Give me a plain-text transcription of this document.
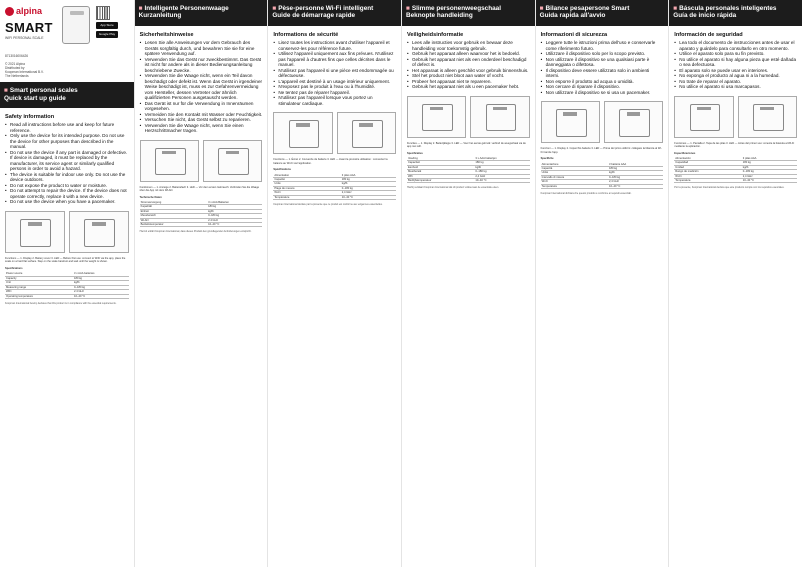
alpina
SMART
WIFI PERSONAL SCALE
App Store
Google Play
8713016006426
© 2021 Alpina
Distributed by
Koopman International B.V.
The Netherlands
■ Smart personal scales
Quick start up guide
Safety information
• Read all instructions before use and keep for future reference.
• Only use the device for its intended purpose. Do not use the device for other purposes than described in the manual.
• Do not use the device if any part is damaged or defective. If device is damaged, it must be replaced by the manufacturer, its service agent or similarly qualified persons in order to avoid a hazard.
• The device is suitable for indoor use only. Do not use the device outdoors.
• Do not expose the product to water or moisture.
• Do not attempt to repair the device. If the device does not operate correctly, replace it with a new device.
• Do not use the device when you have a pacemaker.
Functions — 1. Display 2. Battery cover 3. LED — Before first use: connect to WiFi via the app, place the scale on a hard flat surface. Step on the scale barefoot and wait until the weight is shown.
Specifications
Power source	3 x AAA batteries
Capacity	180 kg
Unit	kg/lb
Measuring range	0–180 kg
WiFi	2.4 GHz
Operating temperature	10–40 °C
Koopman International hereby declares that this product is in compliance with the essential requirements.
■ Intelligente Personenwaage
Kurzanleitung
Sicherheitshinweise
• Lesen Sie alle Anweisungen vor dem Gebrauch des Geräts sorgfältig durch, und bewahren Sie sie für eine spätere Verwendung auf.
• Verwenden Sie das Gerät nur zweckbestimmt. Das Gerät ist nicht für andere als in dieser Bedienungsanleitung beschriebene Zwecke.
• Verwenden Sie die Waage nicht, wenn ein Teil davon beschädigt oder defekt ist. Wenn das Gerät in irgendeiner Weise beschädigt ist, muss es zur Gefahrenvermeidung vom Hersteller, dessen Vertreter oder ähnlich qualifizierten Personen ausgetauscht werden.
• Das Gerät ist nur für die Verwendung in Innenräumen vorgesehen.
• Vermeiden Sie den Kontakt mit Wasser oder Feuchtigkeit.
• Versuchen Sie nicht, das Gerät selbst zu reparieren.
• Verwenden Sie die Waage nicht, wenn Sie einen Herzschrittmacher tragen.
Funktionen — 1. Anzeige 2. Batteriefach 3. LED — Vor dem ersten Gebrauch: Verbinden Sie die Waage über die App mit dem WLAN.
Technische Daten
Stromversorgung	3 x AAA Batterien
Kapazität	180 kg
Einheit	kg/lb
Messbereich	0–180 kg
WLAN	2.4 GHz
Betriebstemperatur	10–40 °C
Hiermit erklärt Koopman International, dass dieses Produkt den grundlegenden Anforderungen entspricht.
■ Pèse-personne Wi-Fi intelligent
Guide de démarrage rapide
Informations de sécurité
• Lisez toutes les instructions avant d'utiliser l'appareil et conservez-les pour référence future.
• Utilisez l'appareil uniquement aux fins prévues. N'utilisez pas l'appareil à d'autres fins que celles décrites dans le manuel.
• N'utilisez pas l'appareil si une pièce est endommagée ou défectueuse.
• L'appareil est destiné à un usage intérieur uniquement.
• N'exposez pas le produit à l'eau ou à l'humidité.
• Ne tentez pas de réparer l'appareil.
• N'utilisez pas l'appareil lorsque vous portez un stimulateur cardiaque.
Fonctions — 1. Écran 2. Couvercle de batterie 3. LED — Avant la première utilisation : connectez la balance au Wi-Fi via l'application.
Spécifications
Alimentation	3 piles AAA
Capacité	180 kg
Unité	kg/lb
Plage de mesure	0–180 kg
Wi-Fi	2,4 GHz
Température	10–40 °C
Koopman International déclare par la présente que ce produit est conforme aux exigences essentielles.
■ Slimme personenweegschaal
Beknopte handleiding
Veiligheidsinformatie
• Lees alle instructies voor gebruik en bewaar deze handleiding voor toekomstig gebruik.
• Gebruik het apparaat alleen waarvoor het is bedoeld.
• Gebruik het apparaat niet als een onderdeel beschadigd of defect is.
• Het apparaat is alleen geschikt voor gebruik binnenshuis.
• Stel het product niet bloot aan water of vocht.
• Probeer het apparaat niet te repareren.
• Gebruik het apparaat niet als u een pacemaker hebt.
Functies — 1. Display 2. Batterijklepje 3. LED — Voor het eerste gebruik: verbind de weegschaal via de app met wifi.
Specificaties
Voeding	3 x AAA batterijen
Capaciteit	180 kg
Eenheid	kg/lb
Meetbereik	0–180 kg
Wifi	2,4 GHz
Bedrijfstemperatuur	10–40 °C
Hierbij verklaart Koopman International dat dit product voldoet aan de essentiële eisen.
■ Bilance pesapersone Smart
Guida rapida all'avvio
Informazioni di sicurezza
• Leggere tutte le istruzioni prima dell'uso e conservarle come riferimento futuro.
• Utilizzare il dispositivo solo per lo scopo previsto.
• Non utilizzare il dispositivo se una qualsiasi parte è danneggiata o difettosa.
• Il dispositivo deve essere utilizzato solo in ambienti interni.
• Non esporre il prodotto ad acqua o umidità.
• Non cercare di riparare il dispositivo.
• Non utilizzare il dispositivo se si usa un pacemaker.
Funzioni — 1. Display 2. Coperchio batterie 3. LED — Prima del primo utilizzo: collegare la bilancia al Wi-Fi tramite l'app.
Specifiche
Alimentazione	3 batterie AAA
Capacità	180 kg
Unità	kg/lb
Intervallo di misura	0–180 kg
Wi-Fi	2,4 GHz
Temperatura	10–40 °C
Koopman International dichiara che questo prodotto è conforme ai requisiti essenziali.
■ Báscula personales inteligentes
Guía de inicio rápida
Información de seguridad
• Lea todo el documento de instrucciones antes de usar el aparato y guárdelo para consultarlo en otro momento.
• Utilice el aparato solo para su fin previsto.
• No utilice el aparato si hay alguna pieza que esté dañada o sea defectuosa.
• El aparato solo se puede usar en interiores.
• No exponga el producto al agua ni a la humedad.
• No trate de reparar el aparato.
• No utilice el aparato si usa marcapasos.
Funciones — 1. Pantalla 2. Tapa de las pilas 3. LED — Antes del primer uso: conecte la báscula al Wi-Fi mediante la aplicación.
Especificaciones
Alimentación	3 pilas AAA
Capacidad	180 kg
Unidad	kg/lb
Rango de medición	0–180 kg
Wi-Fi	2,4 GHz
Temperatura	10–40 °C
Por la presente, Koopman International declara que este producto cumple con los requisitos esenciales.
